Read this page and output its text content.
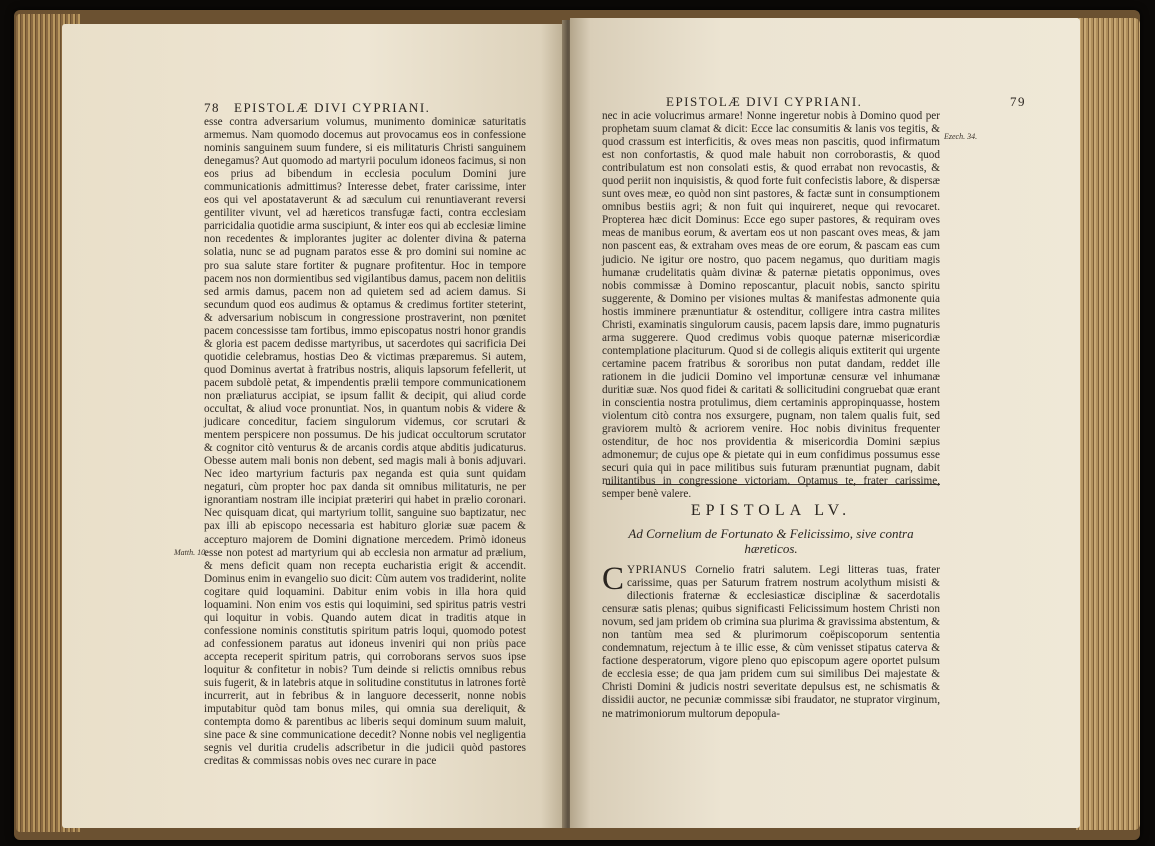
78 EPISTOLÆ DIVI CYPRIANI.

esse contra adversarium volumus, munimento dominicæ saturitatis armemus. Nam quomodo docemus aut provocamus eos in confessione nominis sanguinem suum fundere, si eis militaturis Christi sanguinem denegamus? Aut quomodo ad martyrii poculum idoneos facimus, si non eos prius ad bibendum in ecclesia poculum Domini jure communicationis admittimus? Interesse debet, frater carissime, inter eos qui vel apostataverunt & ad sæculum cui renuntiaverant reversi gentiliter vivunt, vel ad hæreticos transfugæ facti, contra ecclesiam parricidalia quotidie arma suscipiunt, & inter eos qui ab ecclesiæ limine non recedentes & implorantes jugiter ac dolenter divina & paterna solatia, nunc se ad pugnam paratos esse & pro domini sui nomine ac pro sua salute stare fortiter & pugnare profitentur. Hoc in tempore pacem nos non dormientibus sed vigilantibus damus, pacem non delitiis sed armis damus, pacem non ad quietem sed ad aciem damus. Si secundum quod eos audimus & optamus & credimus fortiter steterint, & adversarium nobiscum in congressione prostraverint, non pœnitet pacem concessisse tam fortibus, immo episcopatus nostri honor grandis & gloria est pacem dedisse martyribus, ut sacerdotes qui sacrificia Dei quotidie celebramus, hostias Deo & victimas præparemus. Si autem, quod Dominus avertat à fratribus nostris, aliquis lapsorum fefellerit, ut pacem subdolè petat, & impendentis prælii tempore communicationem non præliaturus accipiat, se ipsum fallit & decipit, qui aliud corde occultat, & aliud voce pronuntiat. Nos, in quantum nobis & videre & judicare conceditur, faciem singulorum videmus, cor scrutari & mentem perspicere non possumus. De his judicat occultorum scrutator & cognitor citò venturus & de arcanis cordis atque abditis judicaturus. Obesse autem mali bonis non debent, sed magis mali à bonis adjuvari. Nec ideo martyrium facturis pax neganda est quia sunt quidam negaturi, cùm propter hoc pax danda sit omnibus militaturis, ne per ignorantiam nostram ille incipiat præteriri qui habet in prælio coronari. Nec quisquam dicat, qui martyrium tollit, sanguine suo baptizatur, nec pax illi ab episcopo necessaria est habituro gloriæ suæ pacem & accepturo majorem de Domini dignatione mercedem. Primò idoneus esse non potest ad martyrium qui ab ecclesia non armatur ad prælium, & mens deficit quam non recepta eucharistia erigit & accendit. Dominus enim in evangelio suo dicit: Cùm autem vos tradiderint, nolite cogitare quid loquamini. Dabitur enim vobis in illa hora quid loquamini. Non enim vos estis qui loquimini, sed spiritus patris vestri qui loquitur in vobis. Quando autem dicat in traditis atque in confessione nominis constitutis spiritum patris loqui, quomodo potest ad confessionem paratus aut idoneus inveniri qui non priùs pace accepta receperit spiritum patris, qui corroborans servos suos ipse loquitur & confitetur in nobis? Tum deinde si relictis omnibus rebus suis fugerit, & in latebris atque in solitudine constitutus in latrones fortè incurrerit, aut in febribus & in languore decesserit, nonne nobis imputabitur quòd tam bonus miles, qui omnia sua dereliquit, & contempta domo & parentibus ac liberis sequi dominum suum maluit, sine pace & sine communicatione decedit? Nonne nobis vel negligentia segnis vel duritia crudelis adscribetur in die judicii quòd pastores creditas & commissas nobis oves nec curare in pace

Matth. 10.
EPISTOLÆ DIVI CYPRIANI.	79

nec in acie volucrimus armare! Nonne ingeretur nobis à Domino quod per prophetam suum clamat & dicit: Ecce lac consumitis & lanis vos tegitis, & quod crassum est interficitis, & oves meas non pascitis, quod infirmatum est non confortastis, & quod male habuit non corroborastis, & quod contribulatum est non consolati estis, & quod errabat non revocastis, & quod periit non inquisistis, & quod forte fuit confecistis labore, & dispersæ sunt oves meæ, eo quòd non sint pastores, & factæ sunt in consumptionem omnibus bestiis agri; & non fuit qui inquireret, neque qui revocaret. Propterea hæc dicit Dominus: Ecce ego super pastores, & requiram oves meas de manibus eorum, & avertam eos ut non pascant oves meas, & jam non pascent eas, & extraham oves meas de ore eorum, & pascam eas cum judicio. Ne igitur ore nostro, quo pacem negamus, quo duritiam magis humanæ crudelitatis quàm divinæ & paternæ pietatis opponimus, oves nobis commissæ à Domino reposcantur, placuit nobis, sancto spiritu suggerente, & Domino per visiones multas & manifestas admonente quia hostis imminere prænuntiatur & ostenditur, colligere intra castra milites Christi, examinatis singulorum causis, pacem lapsis dare, immo pugnaturis arma suggerere. Quod credimus vobis quoque paternæ misericordiæ contemplatione placiturum. Quod si de collegis aliquis extiterit qui urgente certamine pacem fratribus & sororibus non putat dandam, reddet ille rationem in die judicii Domino vel importunæ censuræ vel inhumanæ duritiæ suæ. Nos quod fidei & caritati & sollicitudini congruebat quæ erant in conscientia nostra protulimus, diem certaminis appropinquasse, hostem violentum citò contra nos exsurgere, pugnam, non talem qualis fuit, sed graviorem multò & acriorem venire. Hoc nobis divinitus frequenter ostenditur, de hoc nos providentia & misericordia Domini sæpius admonemur; de cujus ope & pietate qui in eum confidimus possumus esse securi quia qui in pace militibus suis futuram prænuntiat pugnam, dabit militantibus in congressione victoriam. Optamus te, frater carissime, semper benè valere.

Ezech. 34.
EPISTOLA LV.
Ad Cornelium de Fortunato & Felicissimo, sive contra hæreticos.
C YPRIANUS Cornelio fratri salutem. Legi litteras tuas, frater carissime, quas per Saturum fratrem nostrum acolythum misisti & dilectionis fraternæ & ecclesiasticæ disciplinæ & sacerdotalis censuræ satis plenas; quibus significasti Felicissimum hostem Christi non novum, sed jam pridem ob crimina sua plurima & gravissima abstentum, & non tantùm mea sed & plurimorum coëpiscoporum sententia condemnatum, rejectum à te illic esse, & cùm venisset stipatus caterva & factione desperatorum, vigore pleno quo episcopum agere oportet pulsum de ecclesia esse; de qua jam pridem cum sui similibus Dei majestate & Christi Domini & judicis nostri severitate depulsus est, ne schismatis & dissidii auctor, ne pecuniæ commissæ sibi fraudator, ne stuprator virginum, ne matrimoniorum multorum depopula-
